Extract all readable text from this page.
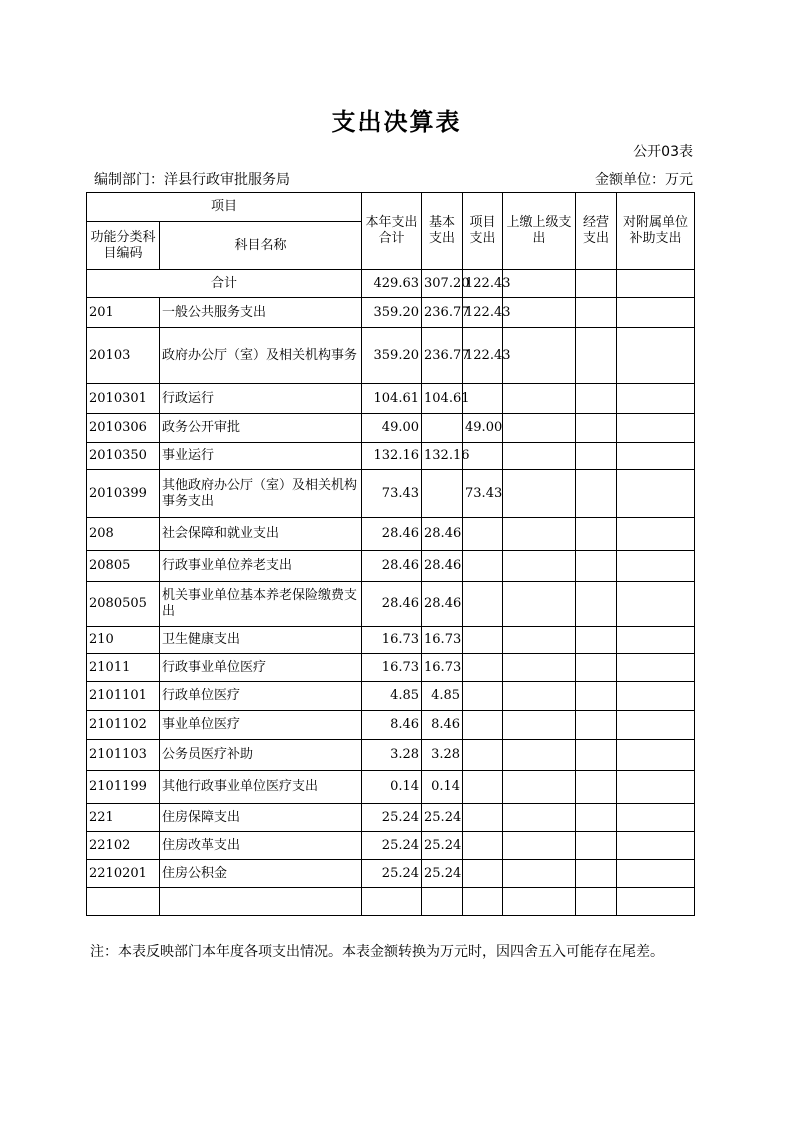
支出决算表
公开03表
编制部门：洋县行政审批服务局	金额单位：万元
项目		本年支出合计	基本支出	项目支出	上缴上级支出	经营支出	对附属单位补助支出
功能分类科目编码	科目名称						
合计		429.63	307.20	122.43			
201	一般公共服务支出	359.20	236.77	122.43			
20103	政府办公厅（室）及相关机构事务	359.20	236.77	122.43			
2010301	行政运行	104.61	104.61				
2010306	政务公开审批	49.00		49.00			
2010350	事业运行	132.16	132.16				
2010399	其他政府办公厅（室）及相关机构事务支出	73.43		73.43			
208	社会保障和就业支出	28.46	28.46				
20805	行政事业单位养老支出	28.46	28.46				
2080505	机关事业单位基本养老保险缴费支出	28.46	28.46				
210	卫生健康支出	16.73	16.73				
21011	行政事业单位医疗	16.73	16.73				
2101101	行政单位医疗	4.85	4.85				
2101102	事业单位医疗	8.46	8.46				
2101103	公务员医疗补助	3.28	3.28				
2101199	其他行政事业单位医疗支出	0.14	0.14				
221	住房保障支出	25.24	25.24				
22102	住房改革支出	25.24	25.24				
2210201	住房公积金	25.24	25.24				

注：本表反映部门本年度各项支出情况。本表金额转换为万元时，因四舍五入可能存在尾差。
